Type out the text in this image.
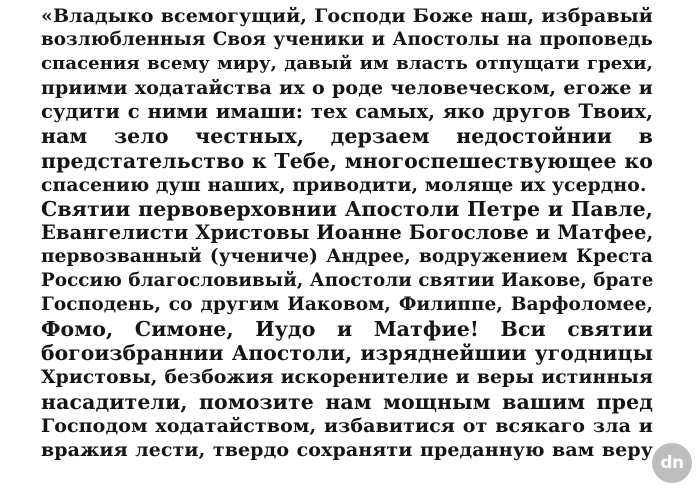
«Владыко всемогущий, Господи Боже наш, избравый
возлюбленныя Своя ученики и Апостолы на проповедь
спасения всему миру, давый им власть отпущати грехи,
приими ходатайства их о роде человеческом, егоже и
судити с ними имаши: тех самых, яко другов Твоих,
нам зело честных, дерзаем недостойнии в
предстательство к Тебе, многоспешествующее ко
спасению душ наших, приводити, моляще их усердно.
Святии первоверховнии Апостоли Петре и Павле,
Евангелисти Христовы Иоанне Богослове и Матфее,
первозванный (учениче) Андрее, водружением Креста
Россию благословивый, Апостоли святии Иакове, брате
Господень, со другим Иаковом, Филиппе, Варфоломее,
Фомо, Симоне, Иудо и Матфие! Вси святии
богоизбраннии Апостоли, изряднейшии угодницы
Христовы, безбожия искоренителие и веры истинныя
насадители, помозите нам мощным вашим пред
Господом ходатайством, избавитися от всякаго зла и
вражия лести, твердо сохраняти преданную вам веру
dn
